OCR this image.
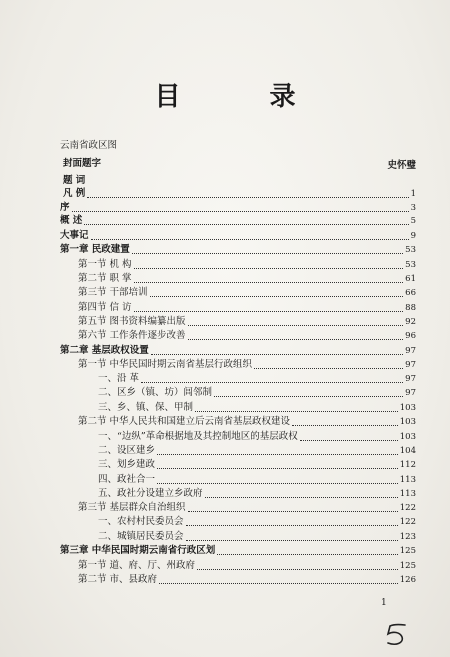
目 录
史怀璧
云南省政区图
封面题字
题 词
凡 例	1
序	3
概 述	5
大事记	9
第一章 民政建置	53
第一节 机 构	53
第二节 职 掌	61
第三节 干部培训	66
第四节 信 访	88
第五节 图书资料编纂出版	92
第六节 工作条件逐步改善	96
第二章 基层政权设置	97
第一节 中华民国时期云南省基层行政组织	97
一、沿 革	97
二、区乡（镇、坊）闾邻制	97
三、乡、镇、保、甲制	103
第二节 中华人民共和国建立后云南省基层政权建设	103
一、“边纵”革命根据地及其控制地区的基层政权	103
二、设区建乡	104
三、划乡建政	112
四、政社合一	113
五、政社分设建立乡政府	113
第三节 基层群众自治组织	122
一、农村村民委员会	122
二、城镇居民委员会	123
第三章 中华民国时期云南省行政区划	125
第一节 道、府、厅、州政府	125
第二节 市、县政府	126
1
